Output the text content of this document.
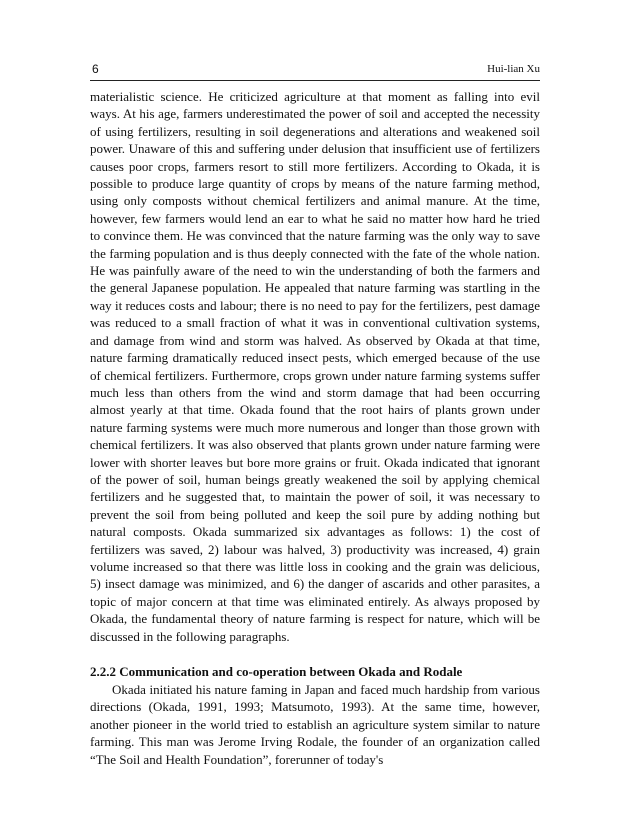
6	Hui-lian Xu

materialistic science. He criticized agriculture at that moment as falling into evil ways. At his age, farmers underestimated the power of soil and accepted the necessity of using fertilizers, resulting in soil degenerations and alterations and weakened soil power. Unaware of this and suffering under delusion that insufficient use of fertilizers causes poor crops, farmers resort to still more fertilizers. According to Okada, it is possible to produce large quantity of crops by means of the nature farming method, using only composts without chemical fertilizers and animal manure. At the time, however, few farmers would lend an ear to what he said no matter how hard he tried to convince them. He was convinced that the nature farming was the only way to save the farming population and is thus deeply connected with the fate of the whole nation. He was painfully aware of the need to win the understanding of both the farmers and the general Japanese population. He appealed that nature farming was startling in the way it reduces costs and labour; there is no need to pay for the fertilizers, pest damage was reduced to a small fraction of what it was in conventional cultivation systems, and damage from wind and storm was halved. As observed by Okada at that time, nature farming dramatically reduced insect pests, which emerged because of the use of chemical fertilizers. Furthermore, crops grown under nature farming systems suffer much less than others from the wind and storm damage that had been occurring almost yearly at that time. Okada found that the root hairs of plants grown under nature farming systems were much more numerous and longer than those grown with chemical fertilizers. It was also observed that plants grown under nature farming were lower with shorter leaves but bore more grains or fruit. Okada indicated that ignorant of the power of soil, human beings greatly weakened the soil by applying chemical fertilizers and he suggested that, to maintain the power of soil, it was necessary to prevent the soil from being polluted and keep the soil pure by adding nothing but natural composts. Okada summarized six advantages as follows: 1) the cost of fertilizers was saved, 2) labour was halved, 3) productivity was increased, 4) grain volume increased so that there was little loss in cooking and the grain was delicious, 5) insect damage was minimized, and 6) the danger of ascarids and other parasites, a topic of major concern at that time was eliminated entirely. As always proposed by Okada, the fundamental theory of nature farming is respect for nature, which will be discussed in the following paragraphs.

2.2.2 Communication and co-operation between Okada and Rodale

Okada initiated his nature faming in Japan and faced much hardship from various directions (Okada, 1991, 1993; Matsumoto, 1993). At the same time, however, another pioneer in the world tried to establish an agriculture system similar to nature farming. This man was Jerome Irving Rodale, the founder of an organization called “The Soil and Health Foundation”, forerunner of today's
